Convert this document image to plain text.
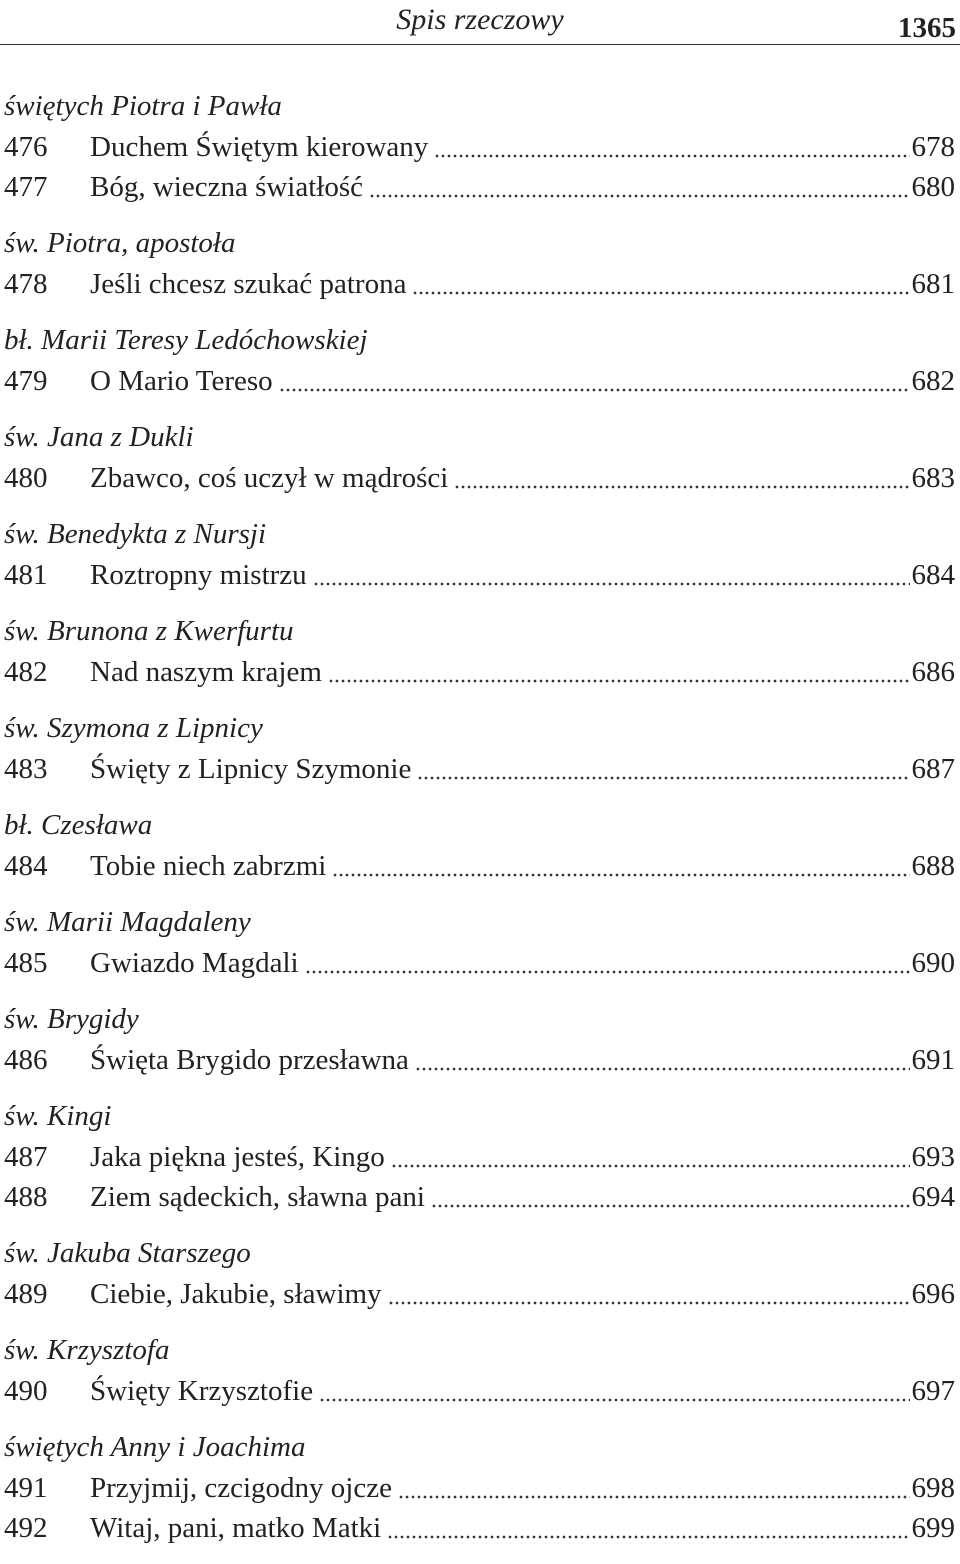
Spis rzeczowy	1365
świętych Piotra i Pawła
476	Duchem Świętym kierowany	678
477	Bóg, wieczna światłość	680
św. Piotra, apostoła
478	Jeśli chcesz szukać patrona	681
bł. Marii Teresy Ledóchowskiej
479	O Mario Tereso	682
św. Jana z Dukli
480	Zbawco, coś uczył w mądrości	683
św. Benedykta z Nursji
481	Roztropny mistrzu	684
św. Brunona z Kwerfurtu
482	Nad naszym krajem	686
św. Szymona z Lipnicy
483	Święty z Lipnicy Szymonie	687
bł. Czesława
484	Tobie niech zabrzmi	688
św. Marii Magdaleny
485	Gwiazdo Magdali	690
św. Brygidy
486	Święta Brygido przesławna	691
św. Kingi
487	Jaka piękna jesteś, Kingo	693
488	Ziem sądeckich, sławna pani	694
św. Jakuba Starszego
489	Ciebie, Jakubie, sławimy	696
św. Krzysztofa
490	Święty Krzysztofie	697
świętych Anny i Joachima
491	Przyjmij, czcigodny ojcze	698
492	Witaj, pani, matko Matki	699
